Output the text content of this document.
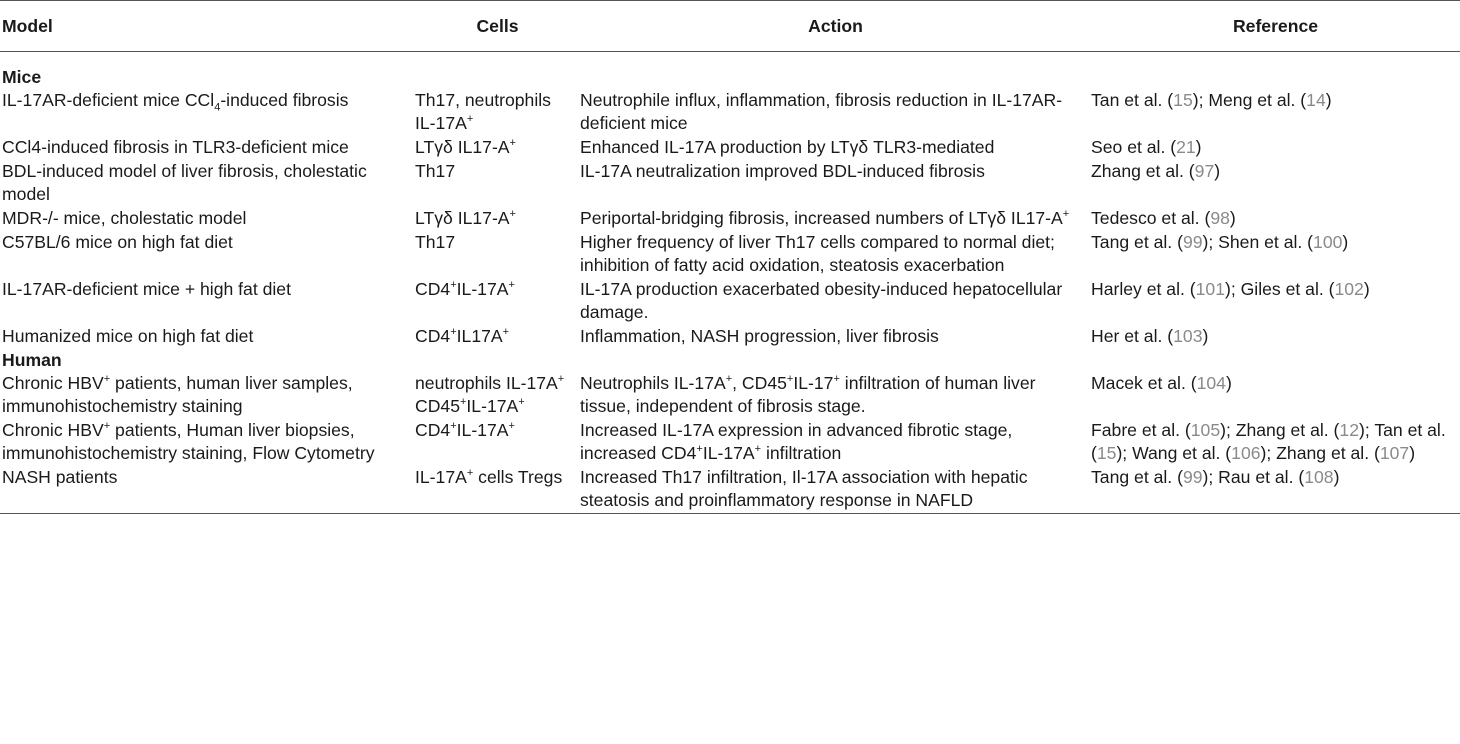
Model	Cells	Action	Reference
Mice			
IL-17AR-deficient mice CCl$_4$-induced fibrosis	Th17, neutrophils IL-17A+	Neutrophile influx, inflammation, fibrosis reduction in IL-17AR-deficient mice	Tan et al. (15); Meng et al. (14)
CCl4-induced fibrosis in TLR3-deficient mice	LTγδ IL17-A+	Enhanced IL-17A production by LTγδ TLR3-mediated	Seo et al. (21)
BDL-induced model of liver fibrosis, cholestatic model	Th17	IL-17A neutralization improved BDL-induced fibrosis	Zhang et al. (97)
MDR-/- mice, cholestatic model	LTγδ IL17-A+	Periportal-bridging fibrosis, increased numbers of LTγδ IL17-A+	Tedesco et al. (98)
C57BL/6 mice on high fat diet	Th17	Higher frequency of liver Th17 cells compared to normal diet; inhibition of fatty acid oxidation, steatosis exacerbation	Tang et al. (99); Shen et al. (100)
IL-17AR-deficient mice + high fat diet	CD4+IL-17A+	IL-17A production exacerbated obesity-induced hepatocellular damage.	Harley et al. (101); Giles et al. (102)
Humanized mice on high fat diet	CD4+IL17A+	Inflammation, NASH progression, liver fibrosis	Her et al. (103)
Human			
Chronic HBV+ patients, human liver samples, immunohistochemistry staining	neutrophils IL-17A+ CD45+IL-17A+	Neutrophils IL-17A+, CD45+IL-17+ infiltration of human liver tissue, independent of fibrosis stage.	Macek et al. (104)
Chronic HBV+ patients, Human liver biopsies, immunohistochemistry staining, Flow Cytometry	CD4+IL-17A+	Increased IL-17A expression in advanced fibrotic stage, increased CD4+IL-17A+ infiltration	Fabre et al. (105); Zhang et al. (12); Tan et al. (15); Wang et al. (106); Zhang et al. (107)
NASH patients	IL-17A+ cells Tregs	Increased Th17 infiltration, Il-17A association with hepatic steatosis and proinflammatory response in NAFLD	Tang et al. (99); Rau et al. (108)
